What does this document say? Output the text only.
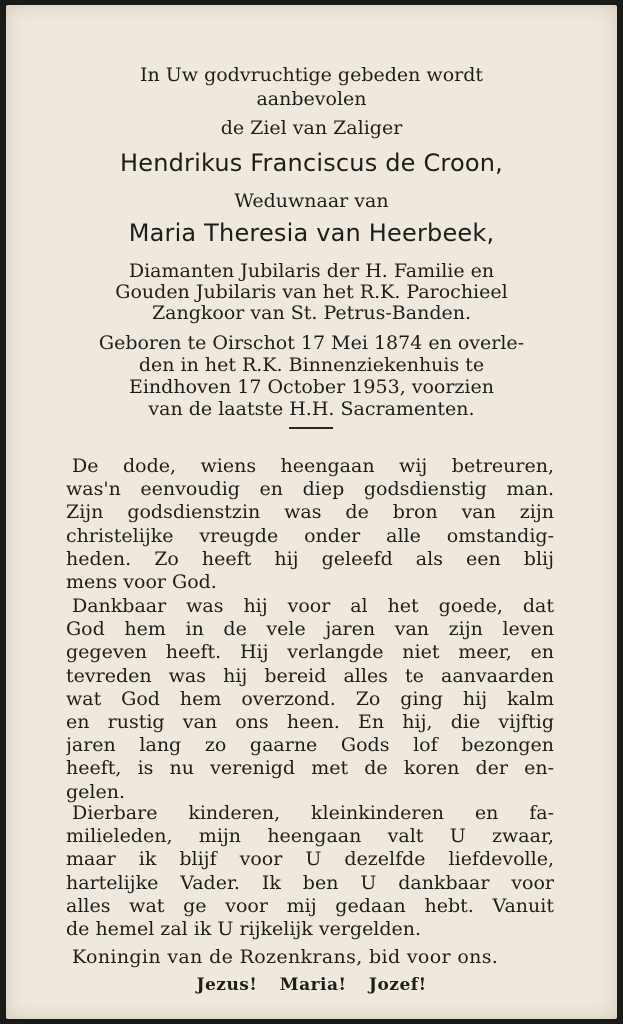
In Uw godvruchtige gebeden wordt
aanbevolen
de Ziel van Zaliger
Hendrikus Franciscus de Croon,
Weduwnaar van
Maria Theresia van Heerbeek,
Diamanten Jubilaris der H. Familie en
Gouden Jubilaris van het R.K. Parochieel
Zangkoor van St. Petrus-Banden.
Geboren te Oirschot 17 Mei 1874 en overle-
den in het R.K. Binnenziekenhuis te
Eindhoven 17 October 1953, voorzien
van de laatste H.H. Sacramenten.
De dode, wiens heengaan wij betreuren,
was'n eenvoudig en diep godsdienstig man.
Zijn godsdienstzin was de bron van zijn
christelijke vreugde onder alle omstandig-
heden. Zo heeft hij geleefd als een blij
mens voor God.
Dankbaar was hij voor al het goede, dat
God hem in de vele jaren van zijn leven
gegeven heeft. Hij verlangde niet meer, en
tevreden was hij bereid alles te aanvaarden
wat God hem overzond. Zo ging hij kalm
en rustig van ons heen. En hij, die vijftig
jaren lang zo gaarne Gods lof bezongen
heeft, is nu verenigd met de koren der en-
gelen.
Dierbare kinderen, kleinkinderen en fa-
milieleden, mijn heengaan valt U zwaar,
maar ik blijf voor U dezelfde liefdevolle,
hartelijke Vader. Ik ben U dankbaar voor
alles wat ge voor mij gedaan hebt. Vanuit
de hemel zal ik U rijkelijk vergelden.
Koningin van de Rozenkrans, bid voor ons.
Jezus! Maria! Jozef!
